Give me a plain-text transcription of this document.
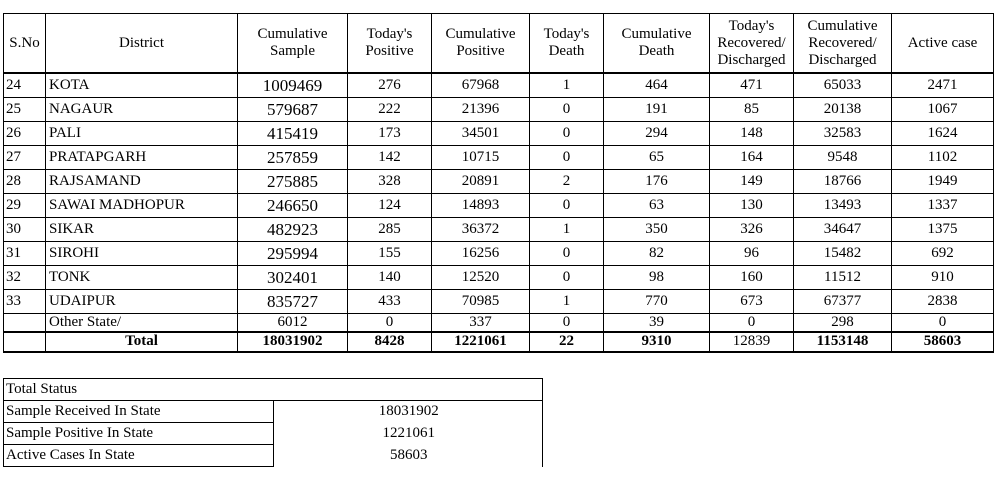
S.No	District	Cumulative Sample	Today's Positive	Cumulative Positive	Today's Death	Cumulative Death	Today's Recovered/ Discharged	Cumulative Recovered/ Discharged	Active case
24	KOTA	1009469	276	67968	1	464	471	65033	2471
25	NAGAUR	579687	222	21396	0	191	85	20138	1067
26	PALI	415419	173	34501	0	294	148	32583	1624
27	PRATAPGARH	257859	142	10715	0	65	164	9548	1102
28	RAJSAMAND	275885	328	20891	2	176	149	18766	1949
29	SAWAI MADHOPUR	246650	124	14893	0	63	130	13493	1337
30	SIKAR	482923	285	36372	1	350	326	34647	1375
31	SIROHI	295994	155	16256	0	82	96	15482	692
32	TONK	302401	140	12520	0	98	160	11512	910
33	UDAIPUR	835727	433	70985	1	770	673	67377	2838
	Other State/	6012	0	337	0	39	0	298	0
	Total	18031902	8428	1221061	22	9310	12839	1153148	58603
Total Status	
Sample Received In State	18031902
Sample Positive In State	1221061
Active Cases In State	58603
